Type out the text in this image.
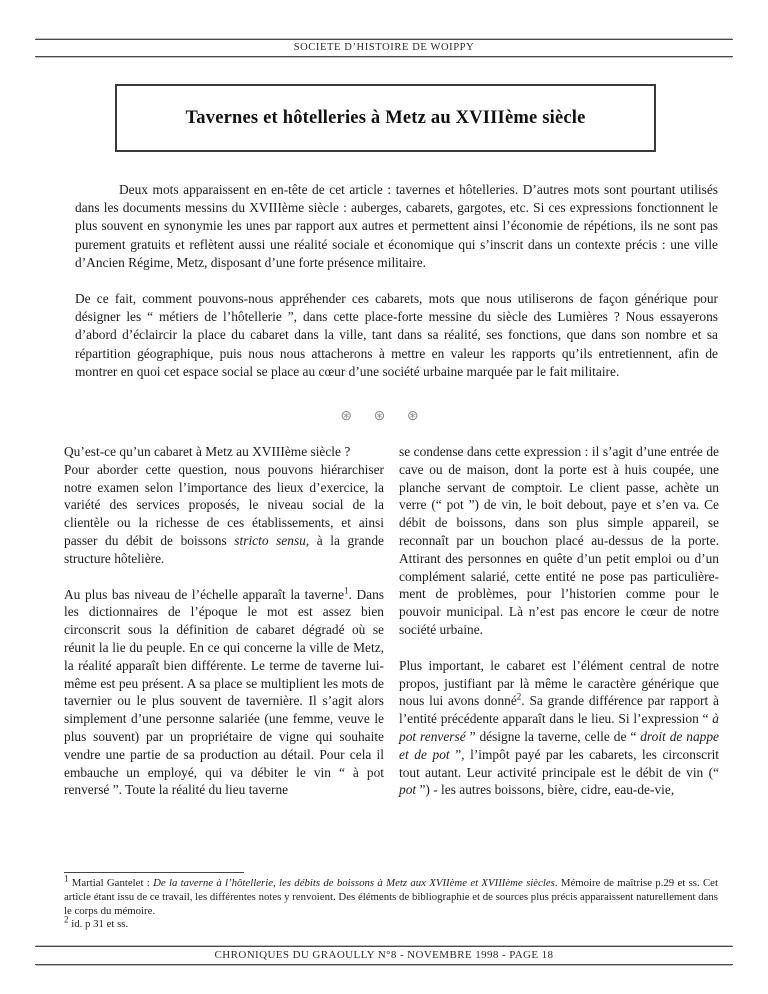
SOCIETE D’HISTOIRE DE WOIPPY
Tavernes et hôtelleries à Metz au XVIIIème siècle

Deux mots apparaissent en en-tête de cet article : tavernes et hôtelleries. D’autres mots sont pourtant utilisés dans les documents messins du XVIIIème siècle : auberges, cabarets, gargotes, etc. Si ces expressions fonctionnent le plus souvent en synonymie les unes par rapport aux autres et permettent ainsi l’économie de répétions, ils ne sont pas purement gratuits et reflètent aussi une réalité sociale et économique qui s’inscrit dans un contexte précis : une ville d’Ancien Régime, Metz, disposant d’une forte présence militaire.

De ce fait, comment pouvons-nous appréhender ces cabarets, mots que nous utiliserons de façon générique pour désigner les “ métiers de l’hôtellerie ”, dans cette place-forte messine du siècle des Lumières ? Nous essayerons d’abord d’éclaircir la place du cabaret dans la ville, tant dans sa réalité, ses fonctions, que dans son nombre et sa répartition géographique, puis nous nous attacherons à mettre en valeur les rapports qu’ils entretiennent, afin de montrer en quoi cet espace social se place au cœur d’une société urbaine marquée par le fait militaire.

⊛ ⊛ ⊛

Qu’est-ce qu’un cabaret à Metz au XVIIIème siècle ?

Pour aborder cette question, nous pouvons hiérarchiser notre examen selon l’importance des lieux d’exercice, la variété des services proposés, le niveau social de la clientèle ou la richesse de ces établissements, et ainsi passer du débit de boissons stricto sensu, à la grande structure hôtelière.

Au plus bas niveau de l’échelle apparaît la taverne$^1$. Dans les dictionnaires de l’époque le mot est assez bien circonscrit sous la définition de cabaret dégradé où se réunit la lie du peuple. En ce qui concerne la ville de Metz, la réalité apparaît bien différente. Le terme de taverne lui-même est peu présent. A sa place se multiplient les mots de tavernier ou le plus souvent de tavernière. Il s’agit alors simplement d’une personne salariée (une femme, veuve le plus souvent) par un propriétaire de vigne qui souhaite vendre une partie de sa production au détail. Pour cela il embauche un employé, qui va débiter le vin “ à pot renversé ”. Toute la réalité du lieu taverne

se condense dans cette expression : il s’agit d’une entrée de cave ou de maison, dont la porte est à huis coupée, une planche servant de comptoir. Le client passe, achète un verre (“ pot ”) de vin, le boit debout, paye et s’en va. Ce débit de boissons, dans son plus simple appareil, se reconnaît par un bouchon placé au-dessus de la porte. Attirant des personnes en quête d’un petit emploi ou d’un complément salarié, cette entité ne pose pas particulière-ment de problèmes, pour l’historien comme pour le pouvoir municipal. Là n’est pas encore le cœur de notre société urbaine.

Plus important, le cabaret est l’élément central de notre propos, justifiant par là même le caractère générique que nous lui avons donné$^2$. Sa grande différence par rapport à l’entité précédente apparaît dans le lieu. Si l’expression “ à pot renversé ” désigne la taverne, celle de “ droit de nappe et de pot ”, l’impôt payé par les cabarets, les circonscrit tout autant. Leur activité principale est le débit de vin (“ pot ”) - les autres boissons, bière, cidre, eau-de-vie,

$^1$ Martial Gantelet : De la taverne à l’hôtellerie, les débits de boissons à Metz aux XVIIème et XVIIIème siècles. Mémoire de maîtrise p.29 et ss. Cet article étant issu de ce travail, les différentes notes y renvoient. Des éléments de bibliographie et de sources plus précis apparaissent naturellement dans le corps du mémoire.

$^2$ id. p 31 et ss.

CHRONIQUES DU GRAOULLY N°8 - NOVEMBRE 1998 - PAGE 18
